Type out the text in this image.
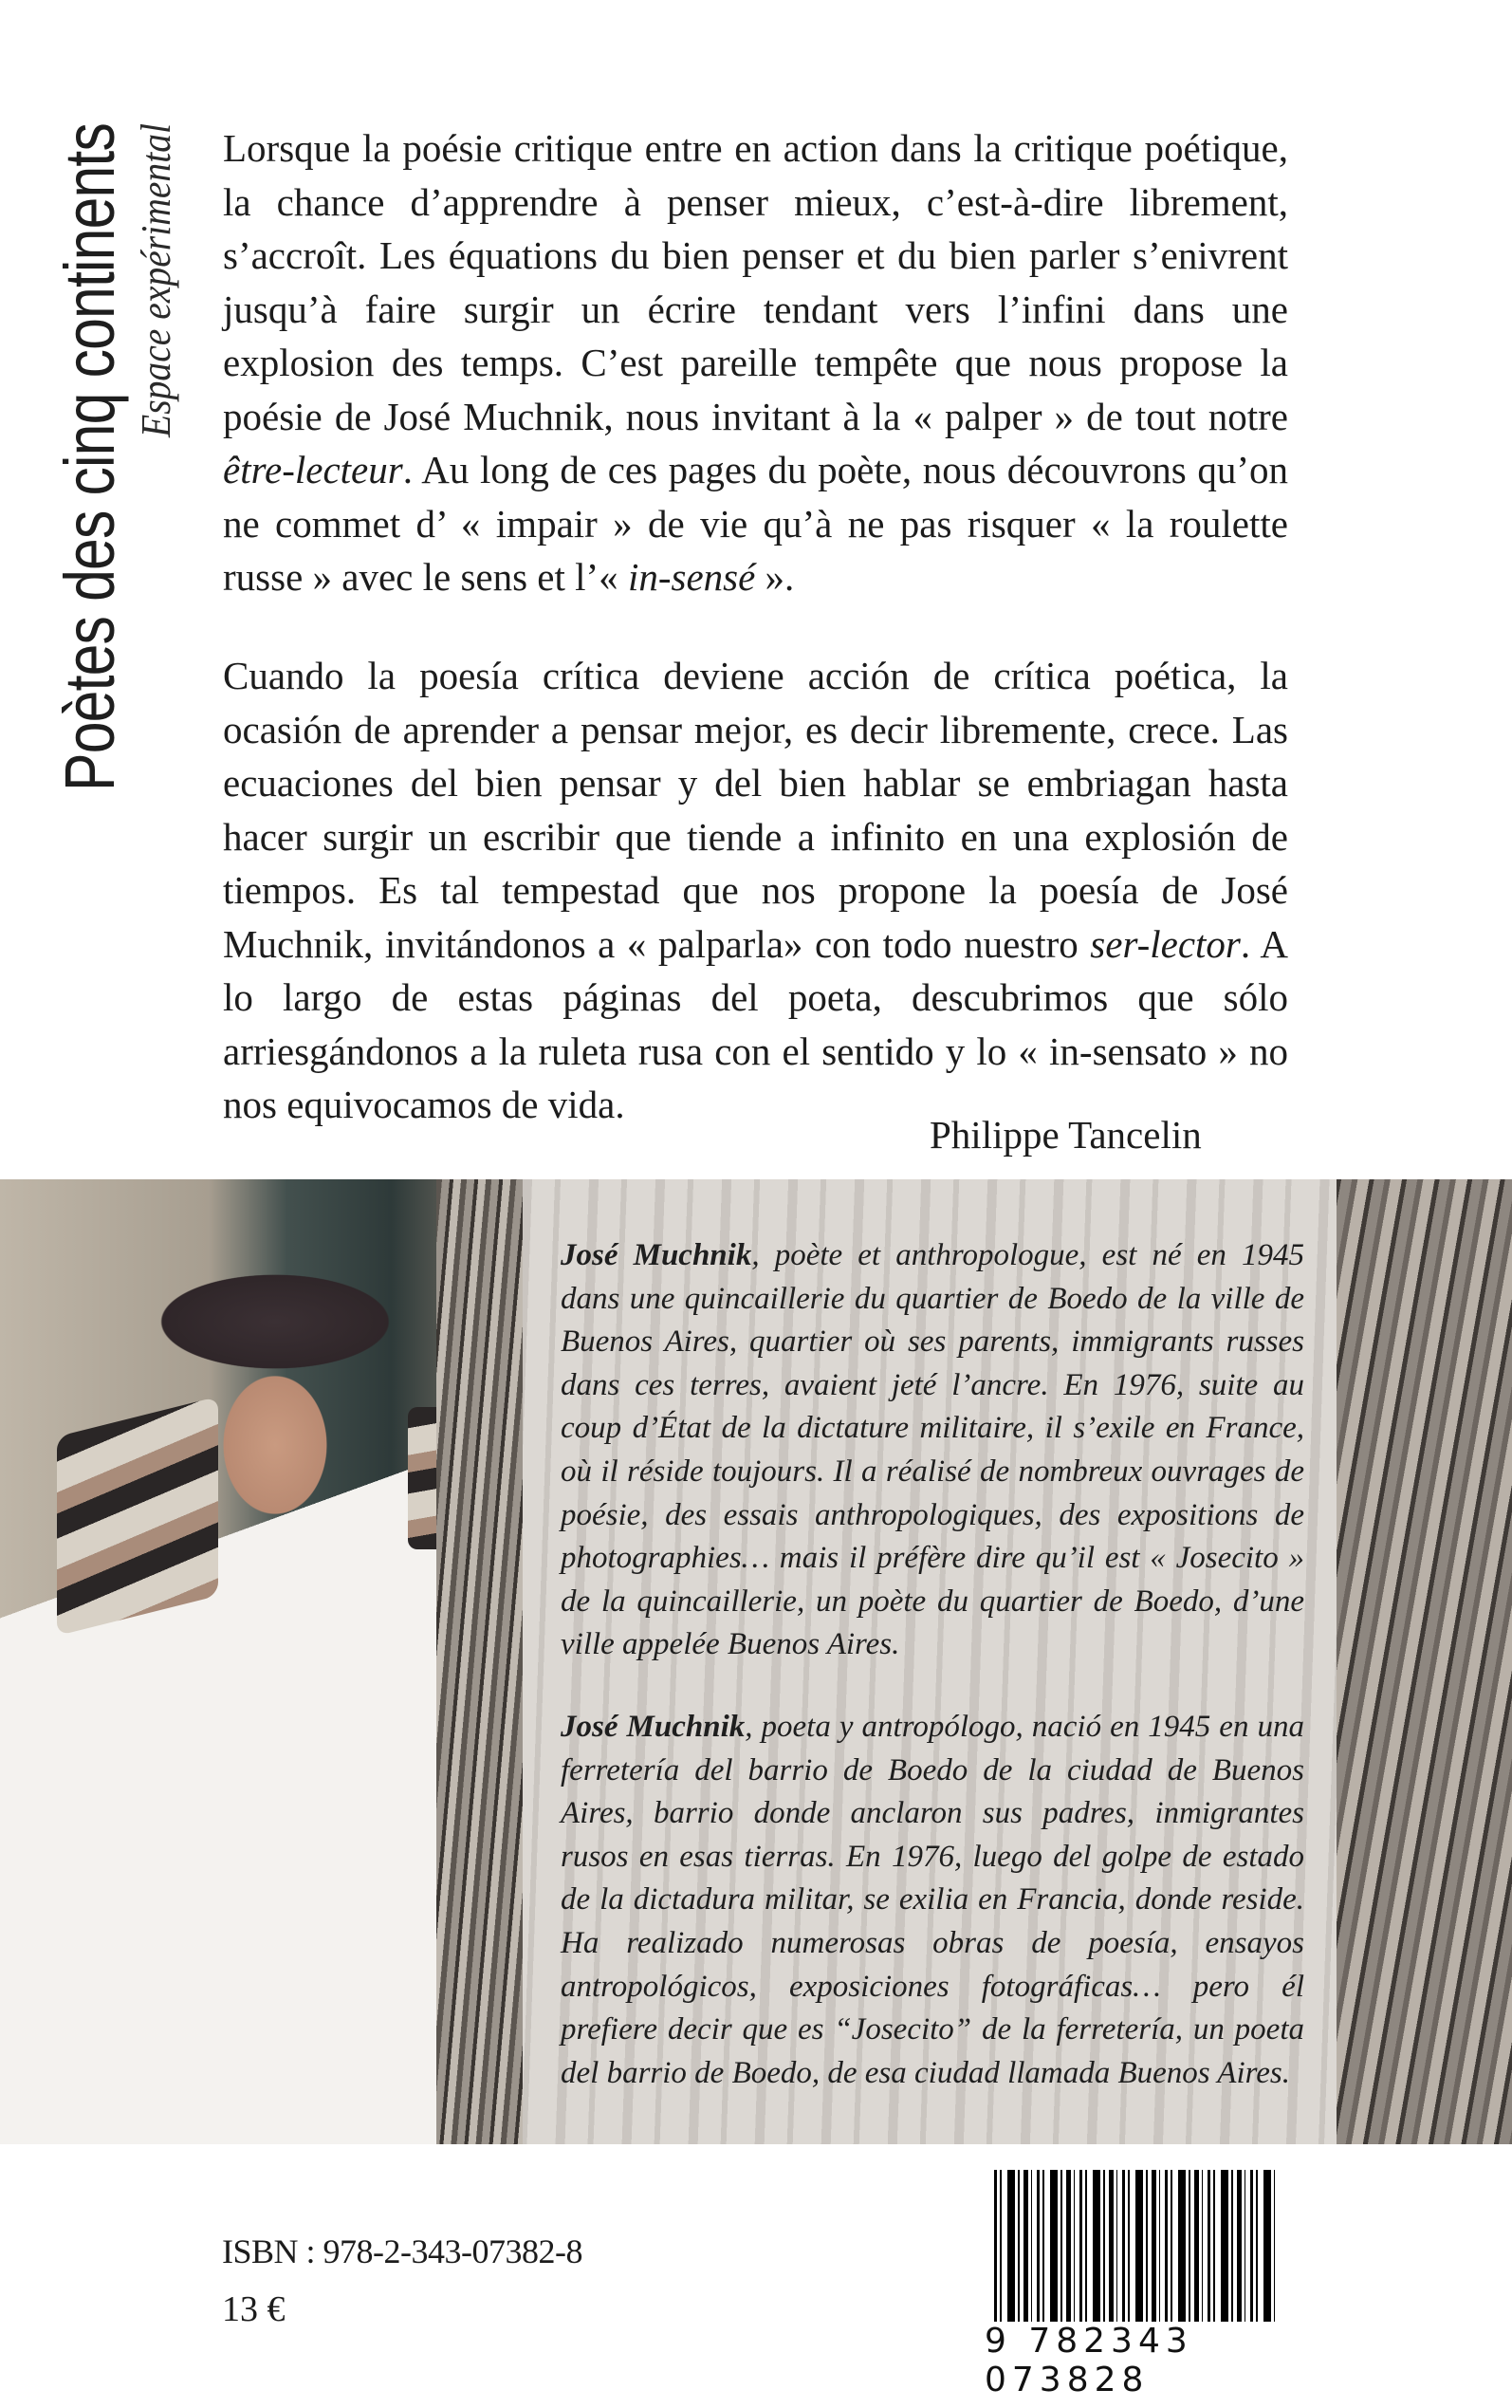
Poètes des cinq continents Espace expérimental Lorsque la poésie critique entre en action dans la critique poétique, la chance d’apprendre à penser mieux, c’est-à-dire librement, s’accroît. Les équations du bien penser et du bien parler s’enivrent jusqu’à faire surgir un écrire tendant vers l’infini dans une explosion des temps. C’est pareille tempête que nous propose la poésie de José Muchnik, nous invitant à la « palper » de tout notre être-lecteur. Au long de ces pages du poète, nous découvrons qu’on ne commet d’ « impair » de vie qu’à ne pas risquer « la roulette russe » avec le sens et l’« in-sensé ».

Cuando la poesía crítica deviene acción de crítica poética, la ocasión de aprender a pensar mejor, es decir libremente, crece. Las ecuaciones del bien pensar y del bien hablar se embriagan hasta hacer surgir un escribir que tiende a infinito en una explosión de tiempos. Es tal tempestad que nos propone la poesía de José Muchnik, invitándonos a « palparla» con todo nuestro ser-lector. A lo largo de estas páginas del poeta, descubrimos que sólo arriesgándonos a la ruleta rusa con el sentido y lo « in-sensato » no nos equivocamos de vida.

Philippe Tancelin

José Muchnik, poète et anthropologue, est né en 1945 dans une quincaillerie du quartier de Boedo de la ville de Buenos Aires, quartier où ses parents, immigrants russes dans ces terres, avaient jeté l’ancre. En 1976, suite au coup d’État de la dictature militaire, il s’exile en France, où il réside toujours. Il a réalisé de nombreux ouvrages de poésie, des essais anthropologiques, des expositions de photographies… mais il préfère dire qu’il est « Josecito » de la quincaillerie, un poète du quartier de Boedo, d’une ville appelée Buenos Aires.

José Muchnik, poeta y antropólogo, nació en 1945 en una ferretería del barrio de Boedo de la ciudad de Buenos Aires, barrio donde anclaron sus padres, inmigrantes rusos en esas tierras. En 1976, luego del golpe de estado de la dictadura militar, se exilia en Francia, donde reside. Ha realizado numerosas obras de poesía, ensayos antropológicos, exposiciones fotográficas… pero él prefiere decir que es “Josecito” de la ferretería, un poeta del barrio de Boedo, de esa ciudad llamada Buenos Aires.

ISBN : 978-2-343-07382-8
13 €
9 782343 073828
